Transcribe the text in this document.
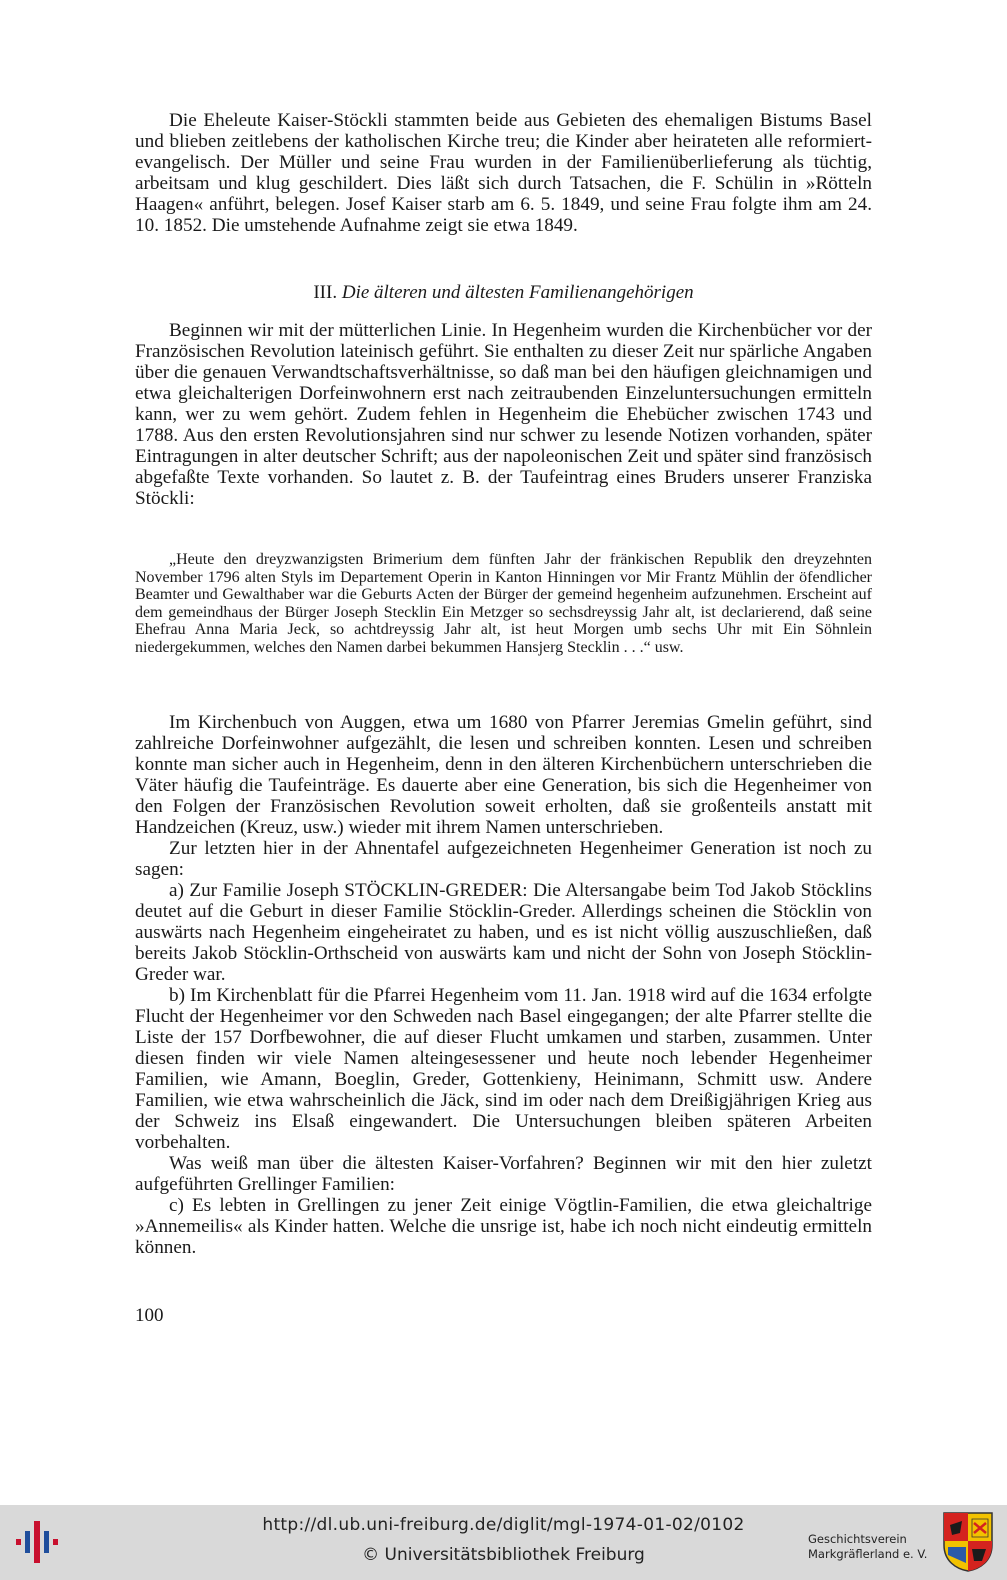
Die Eheleute Kaiser-Stöckli stammten beide aus Gebieten des ehemaligen Bistums Basel und blieben zeitlebens der katholischen Kirche treu; die Kinder aber heirateten alle reformiert-evangelisch. Der Müller und seine Frau wurden in der Familienüberlieferung als tüchtig, arbeitsam und klug geschildert. Dies läßt sich durch Tatsachen, die F. Schülin in »Rötteln Haagen« anführt, belegen. Josef Kaiser starb am 6. 5. 1849, und seine Frau folgte ihm am 24. 10. 1852. Die umstehende Aufnahme zeigt sie etwa 1849.

III. Die älteren und ältesten Familienangehörigen

Beginnen wir mit der mütterlichen Linie. In Hegenheim wurden die Kirchenbücher vor der Französischen Revolution lateinisch geführt. Sie enthalten zu dieser Zeit nur spärliche Angaben über die genauen Verwandtschaftsverhältnisse, so daß man bei den häufigen gleichnamigen und etwa gleichalterigen Dorfeinwohnern erst nach zeitraubenden Einzeluntersuchungen ermitteln kann, wer zu wem gehört. Zudem fehlen in Hegenheim die Ehebücher zwischen 1743 und 1788. Aus den ersten Revolutionsjahren sind nur schwer zu lesende Notizen vorhanden, später Eintragungen in alter deutscher Schrift; aus der napoleonischen Zeit und später sind französisch abgefaßte Texte vorhanden. So lautet z. B. der Taufeintrag eines Bruders unserer Franziska Stöckli:

„Heute den dreyzwanzigsten Brimerium dem fünften Jahr der fränkischen Republik den dreyzehnten November 1796 alten Styls im Departement Operin in Kanton Hinningen vor Mir Frantz Mühlin der öfendlicher Beamter und Gewalthaber war die Geburts Acten der Bürger der gemeind hegenheim aufzunehmen. Erscheint auf dem gemeindhaus der Bürger Joseph Stecklin Ein Metzger so sechsdreyssig Jahr alt, ist declarierend, daß seine Ehefrau Anna Maria Jeck, so achtdreyssig Jahr alt, ist heut Morgen umb sechs Uhr mit Ein Söhnlein niedergekummen, welches den Namen darbei bekummen Hansjerg Stecklin . . .“ usw.

Im Kirchenbuch von Auggen, etwa um 1680 von Pfarrer Jeremias Gmelin geführt, sind zahlreiche Dorfeinwohner aufgezählt, die lesen und schreiben konnten. Lesen und schreiben konnte man sicher auch in Hegenheim, denn in den älteren Kirchenbüchern unterschrieben die Väter häufig die Taufeinträge. Es dauerte aber eine Generation, bis sich die Hegenheimer von den Folgen der Französischen Revolution soweit erholten, daß sie großenteils anstatt mit Handzeichen (Kreuz, usw.) wieder mit ihrem Namen unterschrieben.

Zur letzten hier in der Ahnentafel aufgezeichneten Hegenheimer Generation ist noch zu sagen:

a) Zur Familie Joseph STÖCKLIN-GREDER: Die Altersangabe beim Tod Jakob Stöcklins deutet auf die Geburt in dieser Familie Stöcklin-Greder. Allerdings scheinen die Stöcklin von auswärts nach Hegenheim eingeheiratet zu haben, und es ist nicht völlig auszuschließen, daß bereits Jakob Stöcklin-Orthscheid von auswärts kam und nicht der Sohn von Joseph Stöcklin-Greder war.

b) Im Kirchenblatt für die Pfarrei Hegenheim vom 11. Jan. 1918 wird auf die 1634 erfolgte Flucht der Hegenheimer vor den Schweden nach Basel eingegangen; der alte Pfarrer stellte die Liste der 157 Dorfbewohner, die auf dieser Flucht umkamen und starben, zusammen. Unter diesen finden wir viele Namen alteingesessener und heute noch lebender Hegenheimer Familien, wie Amann, Boeglin, Greder, Gottenkieny, Heinimann, Schmitt usw. Andere Familien, wie etwa wahrscheinlich die Jäck, sind im oder nach dem Dreißigjährigen Krieg aus der Schweiz ins Elsaß eingewandert. Die Untersuchungen bleiben späteren Arbeiten vorbehalten.

Was weiß man über die ältesten Kaiser-Vorfahren? Beginnen wir mit den hier zuletzt aufgeführten Grellinger Familien:

c) Es lebten in Grellingen zu jener Zeit einige Vögtlin-Familien, die etwa gleichaltrige »Annemeilis« als Kinder hatten. Welche die unsrige ist, habe ich noch nicht eindeutig ermitteln können.

100
http://dl.ub.uni-freiburg.de/diglit/mgl-1974-01-02/0102
© Universitätsbibliothek Freiburg
Geschichtsverein
Markgräflerland e. V.
